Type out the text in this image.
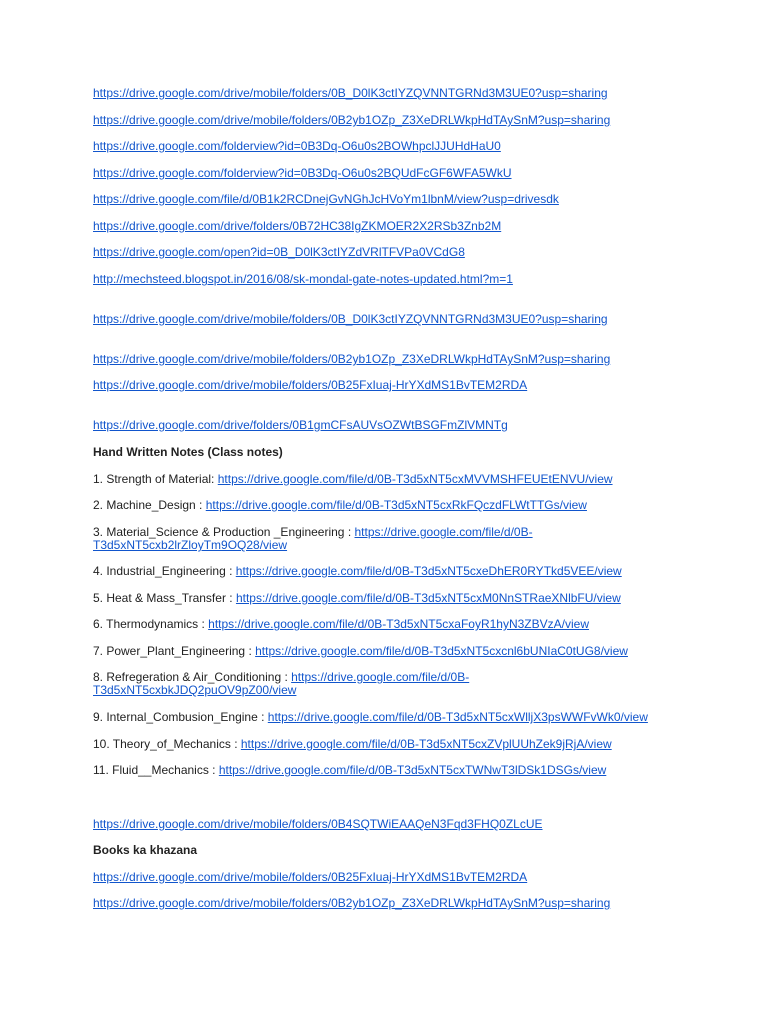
https://drive.google.com/drive/mobile/folders/0B_D0lK3ctIYZQVNNTGRNd3M3UE0?usp=sharing
https://drive.google.com/drive/mobile/folders/0B2yb1OZp_Z3XeDRLWkpHdTAySnM?usp=sharing
https://drive.google.com/folderview?id=0B3Dq-O6u0s2BOWhpclJJUHdHaU0
https://drive.google.com/folderview?id=0B3Dq-O6u0s2BQUdFcGF6WFA5WkU
https://drive.google.com/file/d/0B1k2RCDnejGvNGhJcHVoYm1lbnM/view?usp=drivesdk
https://drive.google.com/drive/folders/0B72HC38IgZKMOER2X2RSb3Znb2M
https://drive.google.com/open?id=0B_D0lK3ctIYZdVRlTFVPa0VCdG8
http://mechsteed.blogspot.in/2016/08/sk-mondal-gate-notes-updated.html?m=1
https://drive.google.com/drive/mobile/folders/0B_D0lK3ctIYZQVNNTGRNd3M3UE0?usp=sharing
https://drive.google.com/drive/mobile/folders/0B2yb1OZp_Z3XeDRLWkpHdTAySnM?usp=sharing
https://drive.google.com/drive/mobile/folders/0B25FxIuaj-HrYXdMS1BvTEM2RDA
https://drive.google.com/drive/folders/0B1gmCFsAUVsOZWtBSGFmZlVMNTg
Hand Written Notes (Class notes)
1. Strength of Material: https://drive.google.com/file/d/0B-T3d5xNT5cxMVVMSHFEUEtENVU/view
2. Machine_Design : https://drive.google.com/file/d/0B-T3d5xNT5cxRkFQczdFLWtTTGs/view
3. Material_Science & Production _Engineering : https://drive.google.com/file/d/0B-T3d5xNT5cxb2lrZloyTm9OQ28/view
4. Industrial_Engineering : https://drive.google.com/file/d/0B-T3d5xNT5cxeDhER0RYTkd5VEE/view
5. Heat & Mass_Transfer : https://drive.google.com/file/d/0B-T3d5xNT5cxM0NnSTRaeXNlbFU/view
6. Thermodynamics : https://drive.google.com/file/d/0B-T3d5xNT5cxaFoyR1hyN3ZBVzA/view
7. Power_Plant_Engineering : https://drive.google.com/file/d/0B-T3d5xNT5cxcnl6bUNIaC0tUG8/view
8. Refregeration & Air_Conditioning : https://drive.google.com/file/d/0B-T3d5xNT5cxbkJDQ2puOV9pZ00/view
9. Internal_Combusion_Engine : https://drive.google.com/file/d/0B-T3d5xNT5cxWlljX3psWWFvWk0/view
10. Theory_of_Mechanics : https://drive.google.com/file/d/0B-T3d5xNT5cxZVplUUhZek9jRjA/view
11. Fluid__Mechanics : https://drive.google.com/file/d/0B-T3d5xNT5cxTWNwT3lDSk1DSGs/view
https://drive.google.com/drive/mobile/folders/0B4SQTWiEAAQeN3Fqd3FHQ0ZLcUE
Books ka khazana
https://drive.google.com/drive/mobile/folders/0B25FxIuaj-HrYXdMS1BvTEM2RDA
https://drive.google.com/drive/mobile/folders/0B2yb1OZp_Z3XeDRLWkpHdTAySnM?usp=sharing
